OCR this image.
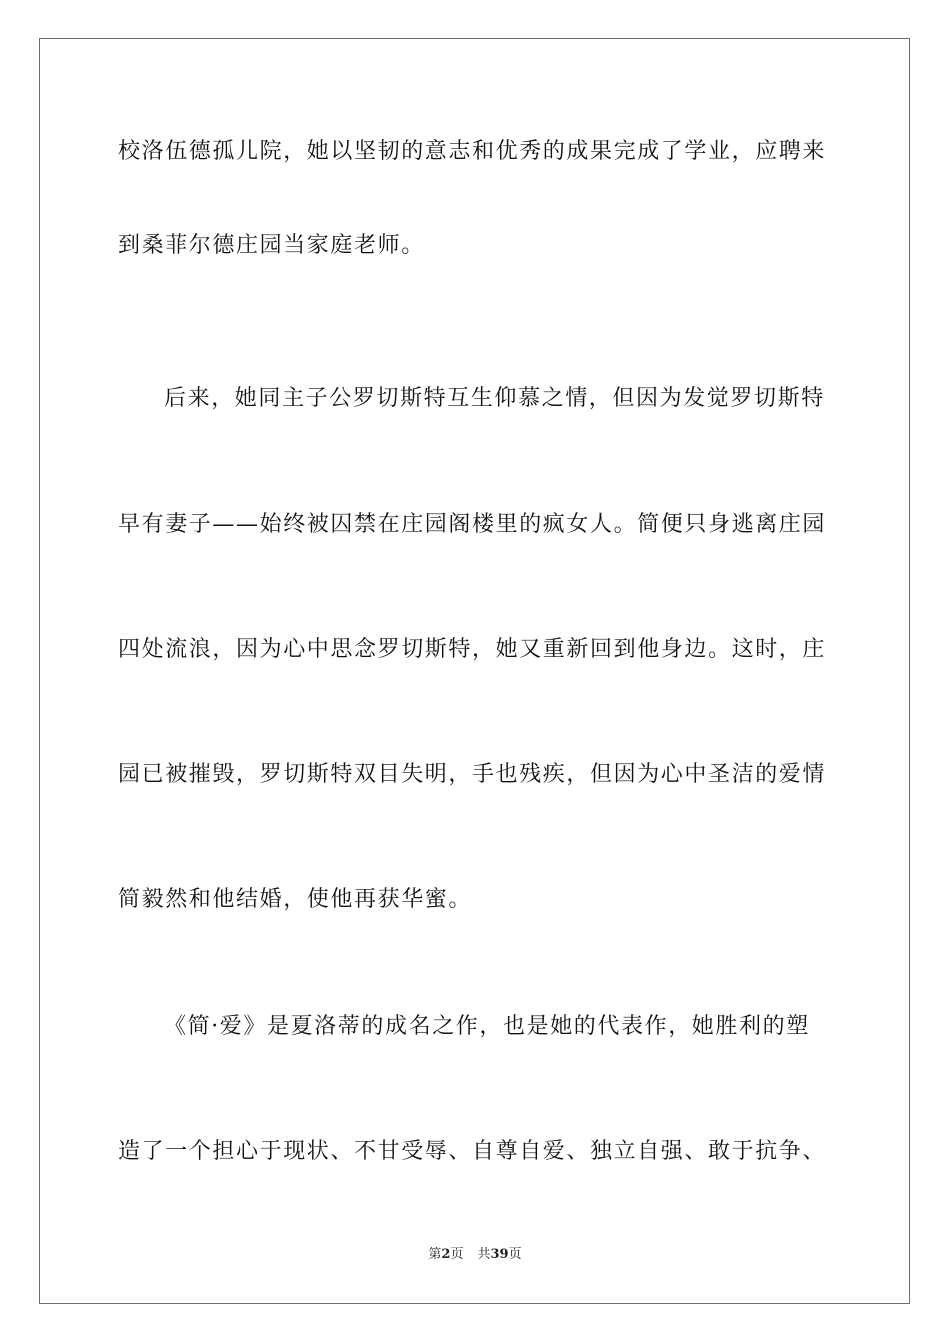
校洛伍德孤儿院，她以坚韧的意志和优秀的成果完成了学业，应聘来
到桑菲尔德庄园当家庭老师。
后来，她同主子公罗切斯特互生仰慕之情，但因为发觉罗切斯特
早有妻子——始终被囚禁在庄园阁楼里的疯女人。简便只身逃离庄园
四处流浪，因为心中思念罗切斯特，她又重新回到他身边。这时，庄
园已被摧毁，罗切斯特双目失明，手也残疾，但因为心中圣洁的爱情
简毅然和他结婚，使他再获华蜜。
《简·爱》是夏洛蒂的成名之作，也是她的代表作，她胜利的塑
造了一个担心于现状、不甘受辱、自尊自爱、独立自强、敢于抗争、
第2页 共39页
